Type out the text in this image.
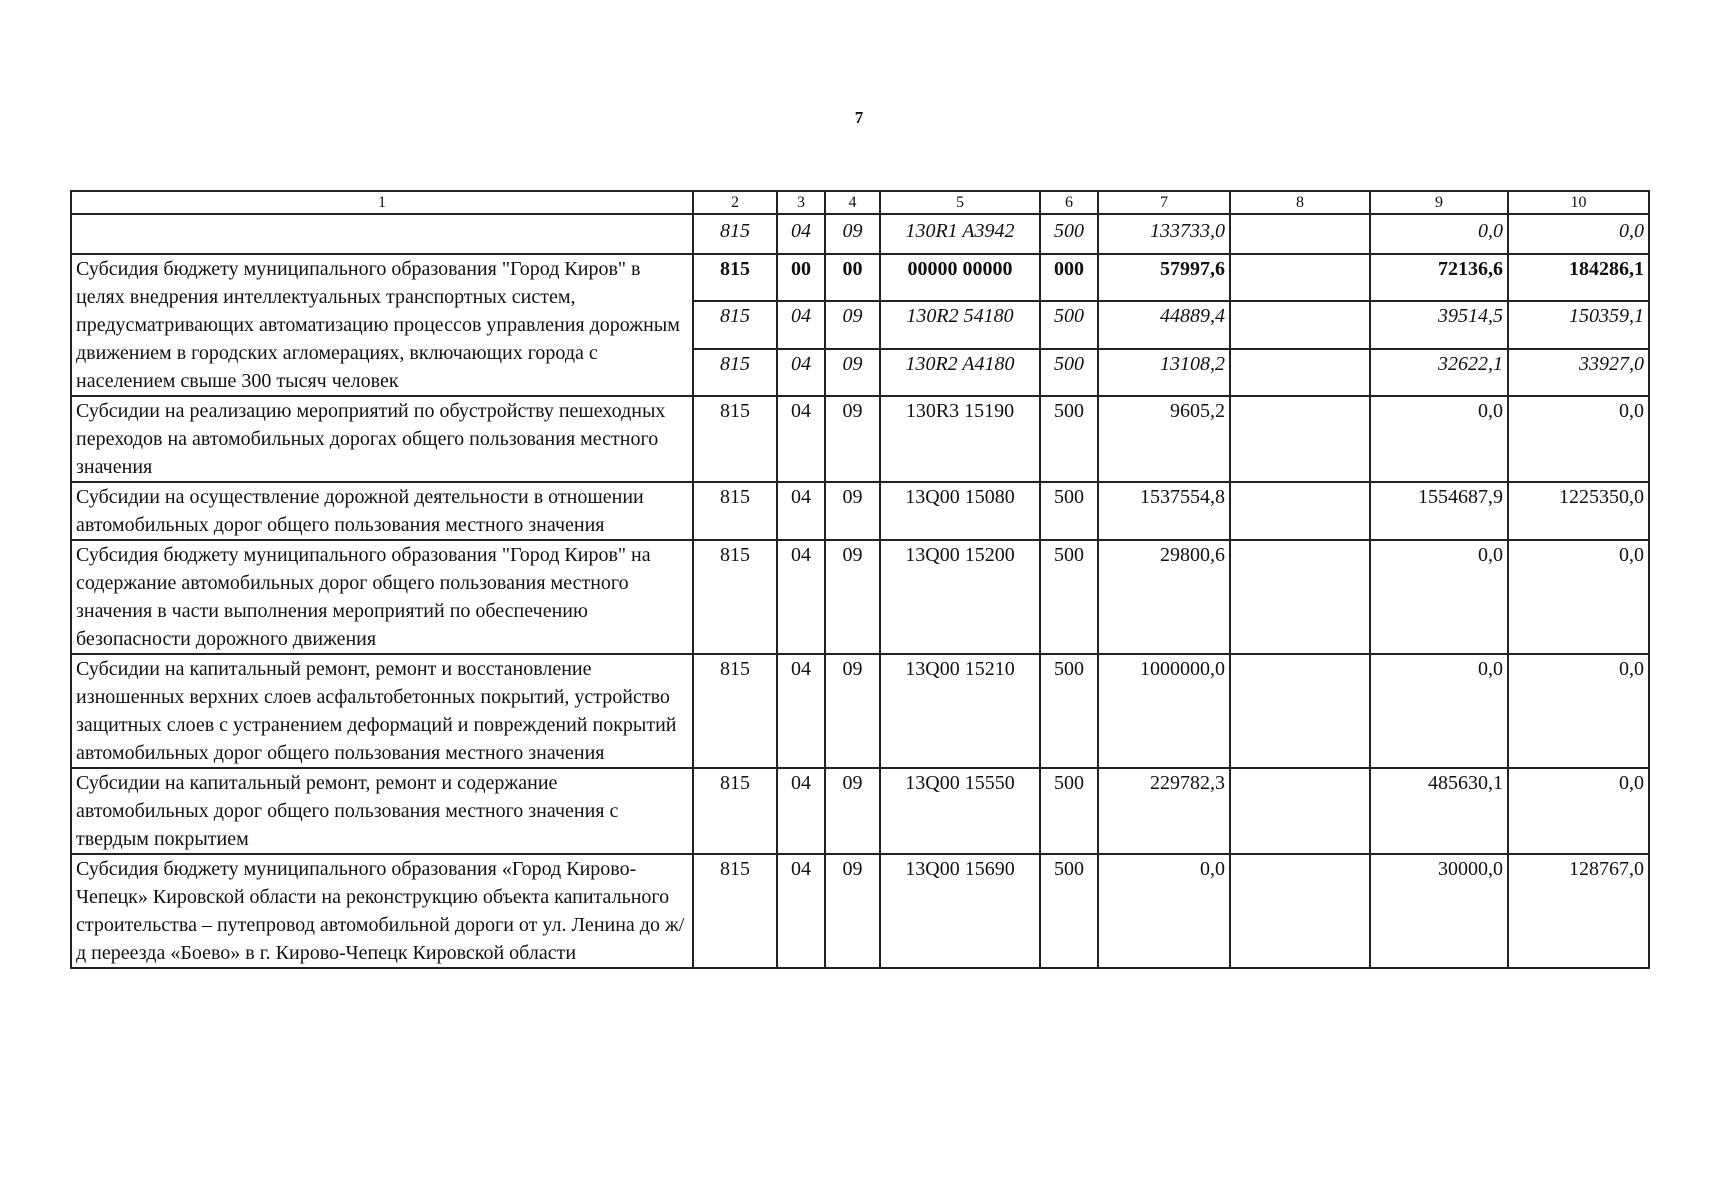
7
1	2	3	4	5	6	7	8	9	10
	815	04	09	130R1 A3942	500	133733,0		0,0	0,0
Субсидия бюджету муниципального образования "Город Киров" в целях внедрения интеллектуальных транспортных систем, предусматривающих автоматизацию процессов управления дорожным движением в городских агломерациях, включающих города с населением свыше 300 тысяч человек	815	00	00	00000 00000	000	57997,6		72136,6	184286,1
	815	04	09	130R2 54180	500	44889,4		39514,5	150359,1
	815	04	09	130R2 A4180	500	13108,2		32622,1	33927,0
Субсидии на реализацию мероприятий по обустройству пешеходных переходов на автомобильных дорогах общего пользования местного значения	815	04	09	130R3 15190	500	9605,2		0,0	0,0
Субсидии на осуществление дорожной деятельности в отношении автомобильных дорог общего пользования местного значения	815	04	09	13Q00 15080	500	1537554,8		1554687,9	1225350,0
Субсидия бюджету муниципального образования "Город Киров" на содержание автомобильных дорог общего пользования местного значения в части выполнения мероприятий по обеспечению безопасности дорожного движения	815	04	09	13Q00 15200	500	29800,6		0,0	0,0
Субсидии на капитальный ремонт, ремонт и восстановление изношенных верхних слоев асфальтобетонных покрытий, устройство защитных слоев с устранением деформаций и повреждений покрытий автомобильных дорог общего пользования местного значения	815	04	09	13Q00 15210	500	1000000,0		0,0	0,0
Субсидии на капитальный ремонт, ремонт и содержание автомобильных дорог общего пользования местного значения с твердым покрытием	815	04	09	13Q00 15550	500	229782,3		485630,1	0,0
Субсидия бюджету муниципального образования «Город Кирово-Чепецк» Кировской области на реконструкцию объекта капитального строительства – путепровод автомобильной дороги от ул. Ленина до ж/д переезда «Боево» в г. Кирово-Чепецк Кировской области	815	04	09	13Q00 15690	500	0,0		30000,0	128767,0
